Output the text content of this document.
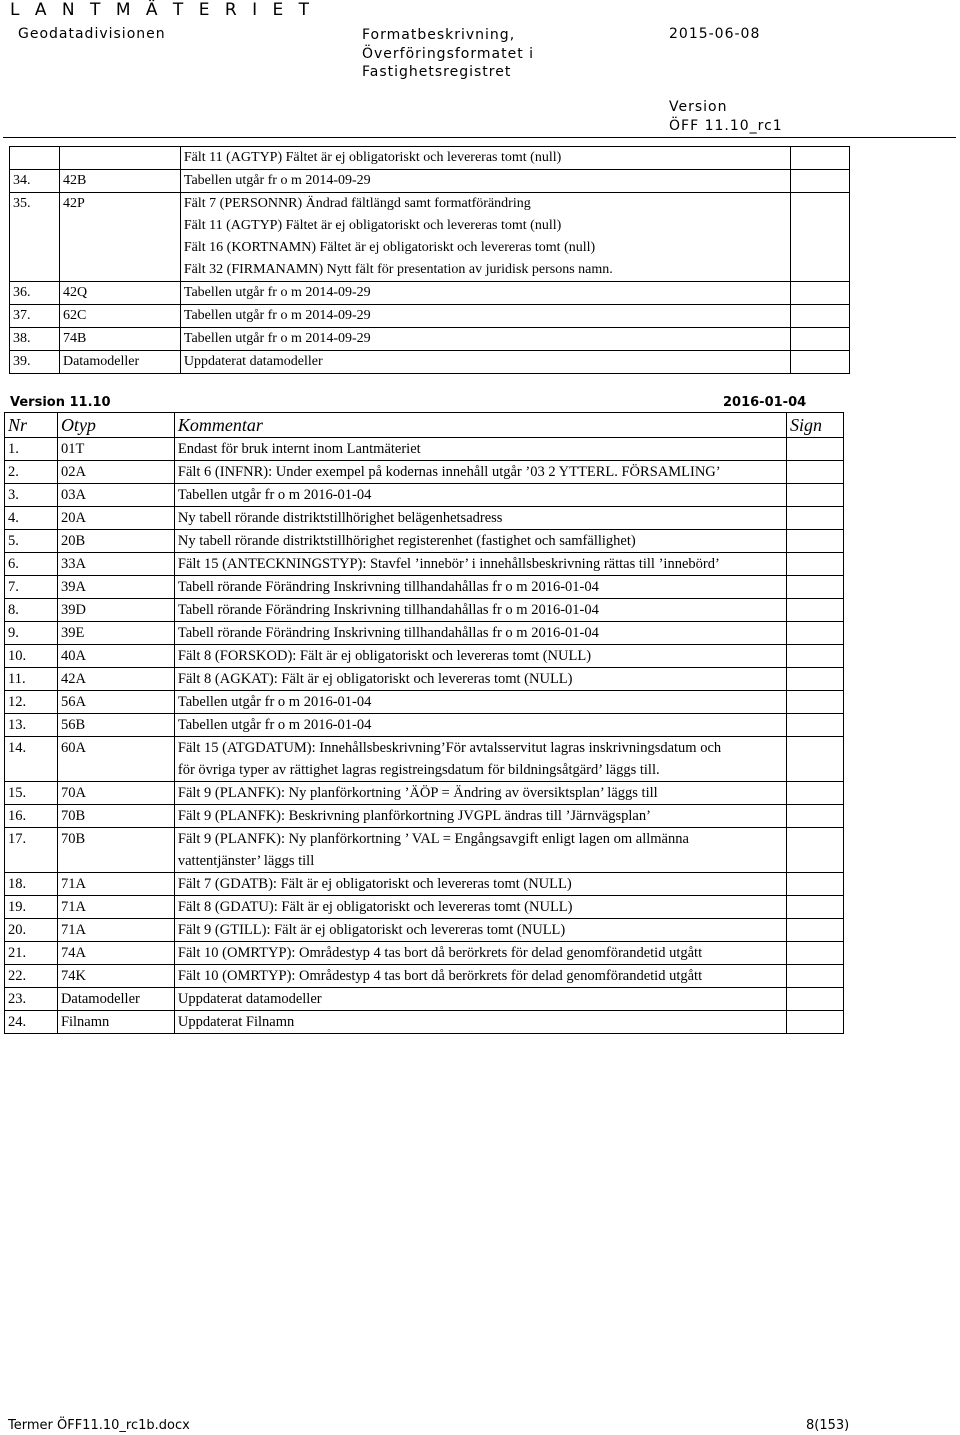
L A N T M Ä T E R I E T
Geodatadivisionen	Formatbeskrivning,
Överföringsformatet i
Fastighetsregistret
2015-06-08
Version
ÖFF 11.10_rc1

		Fält 11 (AGTYP) Fältet är ej obligatoriskt och levereras tomt (null)	

34.	42B	Tabellen utgår fr o m 2014-09-29	

35.	42P	Fält 7 (PERSONNR) Ändrad fältlängd samt formatförändring
Fält 11 (AGTYP) Fältet är ej obligatoriskt och levereras tomt (null)
Fält 16 (KORTNAMN) Fältet är ej obligatoriskt och levereras tomt (null)
Fält 32 (FIRMANAMN) Nytt fält för presentation av juridisk persons namn.	

36.	42Q	Tabellen utgår fr o m 2014-09-29	

37.	62C	Tabellen utgår fr o m 2014-09-29	

38.	74B	Tabellen utgår fr o m 2014-09-29	

39.	Datamodeller	Uppdaterat datamodeller	

Version 11.10	2016-01-04
Nr	Otyp	Kommentar	Sign
1.	01T	Endast för bruk internt inom Lantmäteriet	

2.	02A	Fält 6 (INFNR): Under exempel på kodernas innehåll utgår ’03 2 YTTERL. FÖRSAMLING’	

3.	03A	Tabellen utgår fr o m 2016-01-04	

4.	20A	Ny tabell rörande distriktstillhörighet belägenhetsadress	

5.	20B	Ny tabell rörande distriktstillhörighet registerenhet (fastighet och samfällighet)	

6.	33A	Fält 15 (ANTECKNINGSTYP): Stavfel ’innebör’ i innehållsbeskrivning rättas till ’innebörd’	

7.	39A	Tabell rörande Förändring Inskrivning tillhandahållas fr o m 2016-01-04	

8.	39D	Tabell rörande Förändring Inskrivning tillhandahållas fr o m 2016-01-04	

9.	39E	Tabell rörande Förändring Inskrivning tillhandahållas fr o m 2016-01-04	

10.	40A	Fält 8 (FORSKOD): Fält är ej obligatoriskt och levereras tomt (NULL)	

11.	42A	Fält 8 (AGKAT): Fält är ej obligatoriskt och levereras tomt (NULL)	

12.	56A	Tabellen utgår fr o m 2016-01-04	

13.	56B	Tabellen utgår fr o m 2016-01-04	

14.	60A	Fält 15 (ATGDATUM): Innehållsbeskrivning’För avtalsservitut lagras inskrivningsdatum och
för övriga typer av rättighet lagras registreingsdatum för bildningsåtgärd’ läggs till.	

15.	70A	Fält 9 (PLANFK): Ny planförkortning ’ÄÖP = Ändring av översiktsplan’ läggs till	

16.	70B	Fält 9 (PLANFK): Beskrivning planförkortning JVGPL ändras till ’Järnvägsplan’	

17.	70B	Fält 9 (PLANFK): Ny planförkortning ’ VAL = Engångsavgift enligt lagen om allmänna
vattentjänster’ läggs till	

18.	71A	Fält 7 (GDATB): Fält är ej obligatoriskt och levereras tomt (NULL)	

19.	71A	Fält 8 (GDATU): Fält är ej obligatoriskt och levereras tomt (NULL)	

20.	71A	Fält 9 (GTILL): Fält är ej obligatoriskt och levereras tomt (NULL)	

21.	74A	Fält 10 (OMRTYP): Områdestyp 4 tas bort då berörkrets för delad genomförandetid utgått	

22.	74K	Fält 10 (OMRTYP): Områdestyp 4 tas bort då berörkrets för delad genomförandetid utgått	

23.	Datamodeller	Uppdaterat datamodeller	

24.	Filnamn	Uppdaterat Filnamn	

Termer ÖFF11.10_rc1b.docx	8(153)
